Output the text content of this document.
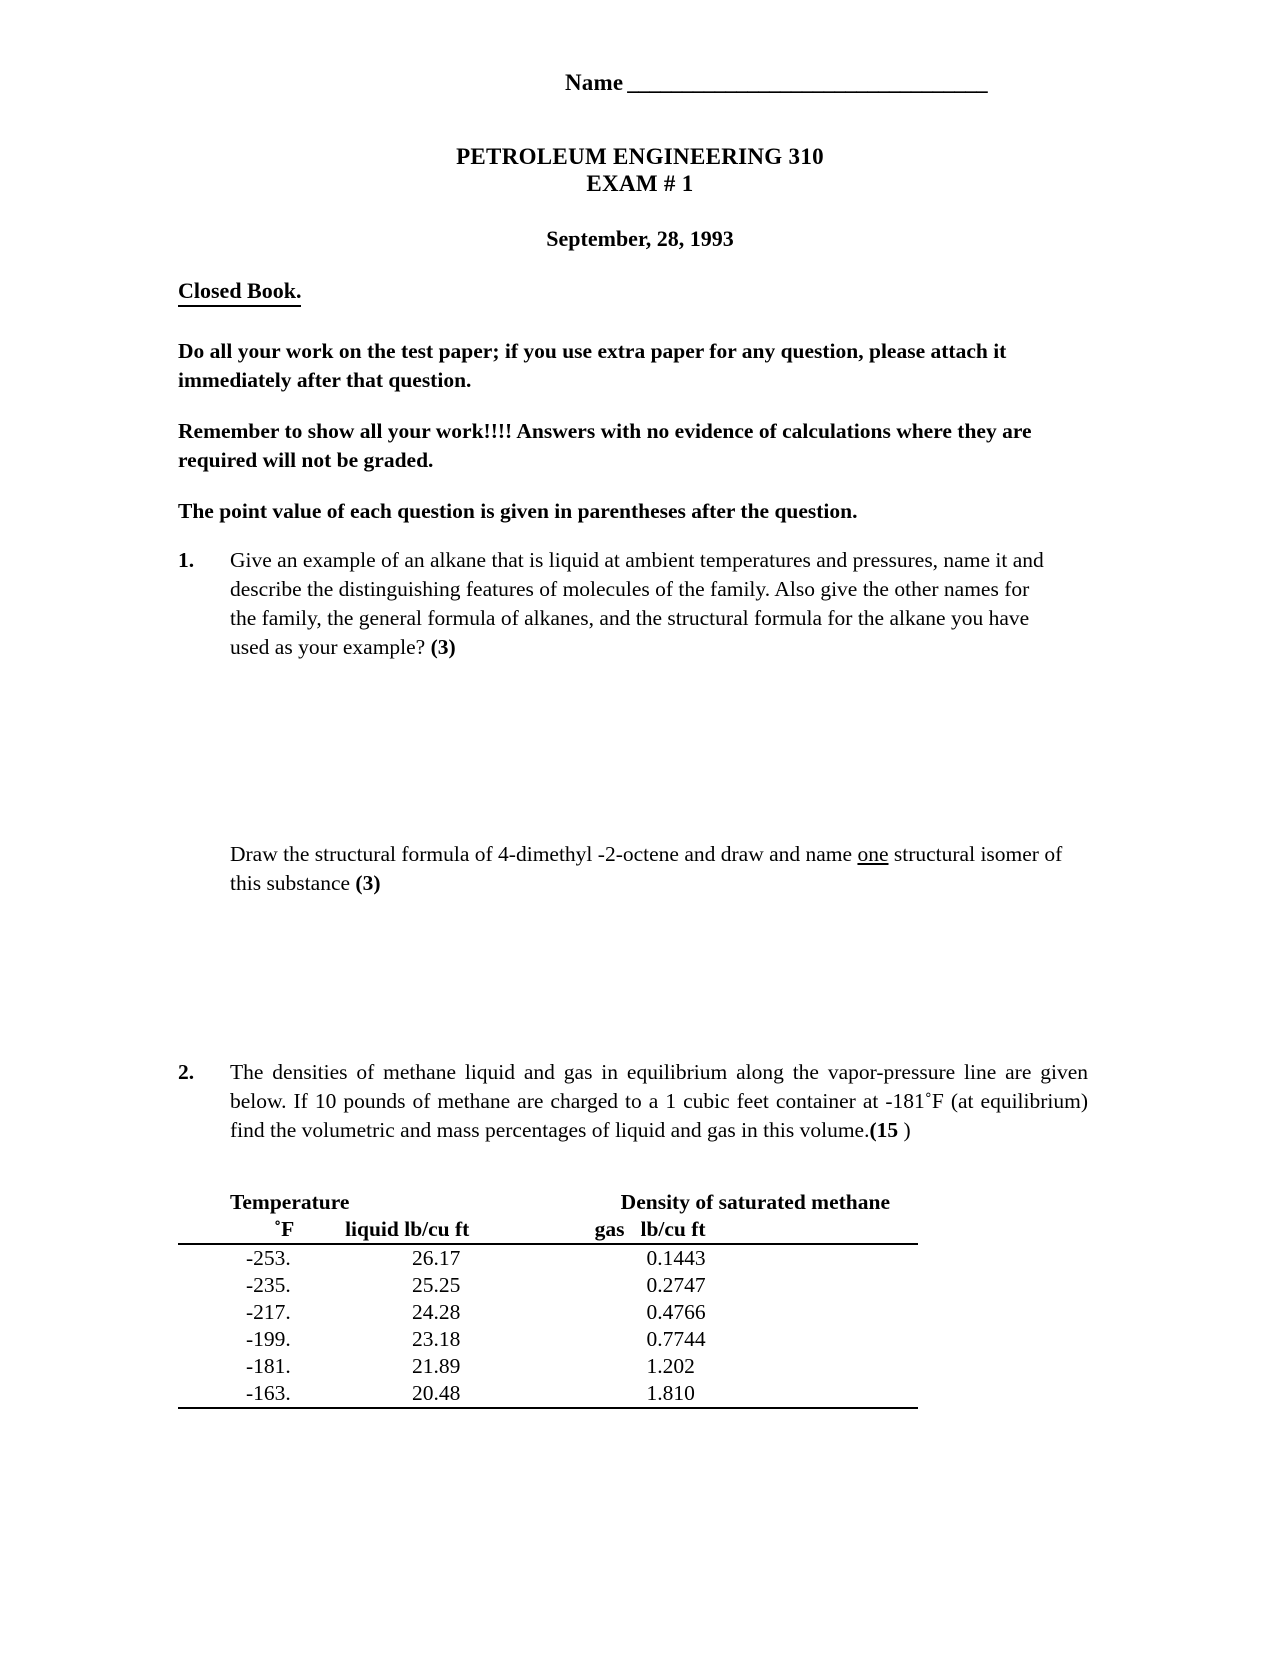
Name _________________________________
PETROLEUM ENGINEERING 310
EXAM # 1
September, 28, 1993
Closed Book.
Do all your work on the test paper; if you use extra paper for any question, please attach it immediately after that question.
Remember to show all your work!!!! Answers with no evidence of calculations where they are required will not be graded.
The point value of each question is given in parentheses after the question.
1.	Give an example of an alkane that is liquid at ambient temperatures and pressures, name it and describe the distinguishing features of molecules of the family. Also give the other names for the family, the general formula of alkanes, and the structural formula for the alkane you have used as your example? (3)
Draw the structural formula of 4-dimethyl -2-octene and draw and name one structural isomer of this substance (3)
2.	The densities of methane liquid and gas in equilibrium along the vapor-pressure line are given below. If 10 pounds of methane are charged to a 1 cubic feet container at -181˚F (at equilibrium) find the volumetric and mass percentages of liquid and gas in this volume.(15 )
Temperature		Density of saturated methane	
˚F	liquid lb/cu ft	gas	lb/cu ft
-253.	26.17		0.1443
-235.	25.25		0.2747
-217.	24.28		0.4766
-199.	23.18		0.7744
-181.	21.89		1.202
-163.	20.48		1.810
